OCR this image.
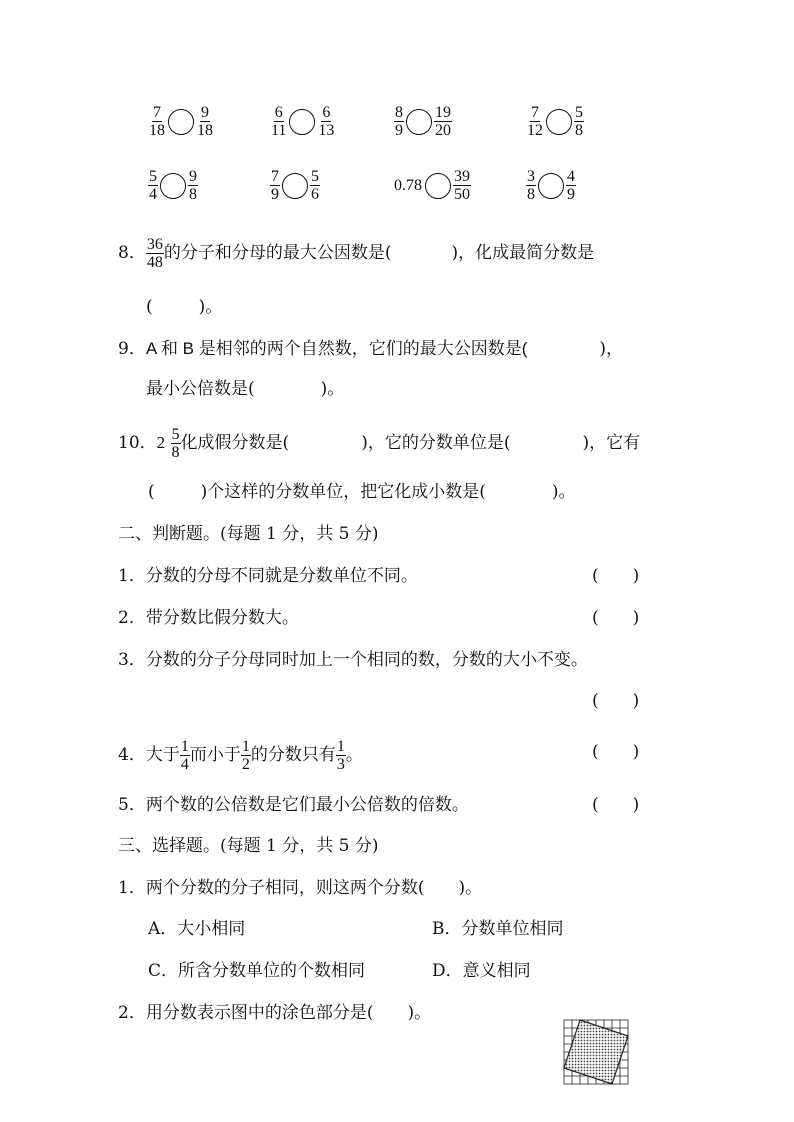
$\frac{7}{18} \frac{9}{18}$	$\frac{6}{11} \frac{6}{13}$	$\frac{8}{9} \frac{19}{20}$	$\frac{7}{12} \frac{5}{8}$
$\frac{5}{4} \frac{9}{8}$	$\frac{7}{9} \frac{5}{6}$	$0.78 \frac{39}{50}$	$\frac{3}{8} \frac{4}{9}$
8． $\frac{36}{48}$ 的分子和分母的最大公因数是(	)，化成最简分数是
(	)。
9．A 和 B 是相邻的两个自然数，它们的最大公因数是(	)，
最小公倍数是(	)。
10．$2 \frac{5}{8}$ 化成假分数是(	)，它的分数单位是(	)，它有
(	)个这样的分数单位，把它化成小数是(	)。
二、判断题。(每题 1 分，共 5 分)
1．分数的分母不同就是分数单位不同。	(　　)
2．带分数比假分数大。	(　　)
3．分数的分子分母同时加上一个相同的数，分数的大小不变。
(　　)
4．大于 $\frac{1}{4}$ 而小于 $\frac{1}{2}$ 的分数只有 $\frac{1}{3}$ 。	(　　)
5．两个数的公倍数是它们最小公倍数的倍数。	(　　)
三、选择题。(每题 1 分，共 5 分)
1．两个分数的分子相同，则这两个分数(　　)。
A．大小相同	B．分数单位相同
C．所含分数单位的个数相同	D．意义相同
2．用分数表示图中的涂色部分是(　　)。
